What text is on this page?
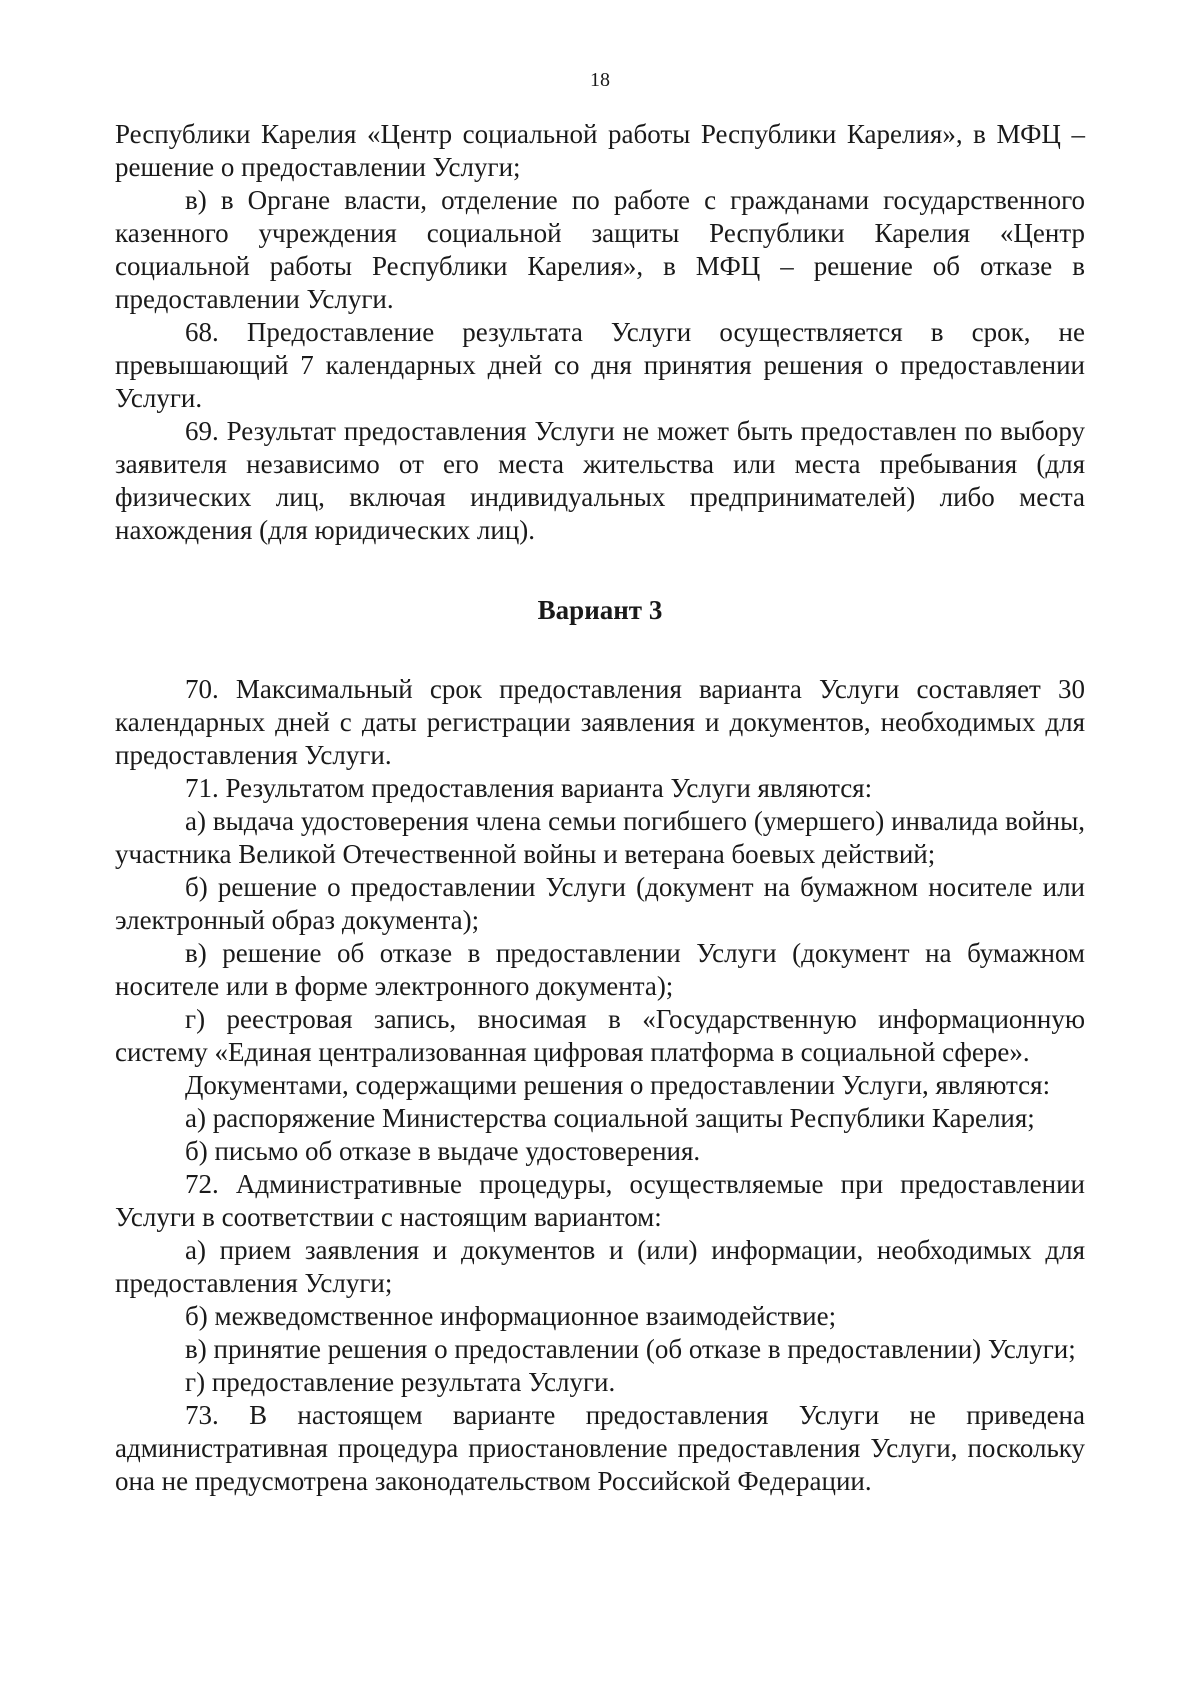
18

Республики Карелия «Центр социальной работы Республики Карелия», в МФЦ – решение о предоставлении Услуги;

в) в Органе власти, отделение по работе с гражданами государственного казенного учреждения социальной защиты Республики Карелия «Центр социальной работы Республики Карелия», в МФЦ – решение об отказе в предоставлении Услуги.

68. Предоставление результата Услуги осуществляется в срок, не превышающий 7 календарных дней со дня принятия решения о предоставлении Услуги.

69. Результат предоставления Услуги не может быть предоставлен по выбору заявителя независимо от его места жительства или места пребывания (для физических лиц, включая индивидуальных предпринимателей) либо места нахождения (для юридических лиц).

Вариант 3

70. Максимальный срок предоставления варианта Услуги составляет 30 календарных дней с даты регистрации заявления и документов, необходимых для предоставления Услуги.

71. Результатом предоставления варианта Услуги являются:

а) выдача удостоверения члена семьи погибшего (умершего) инвалида войны, участника Великой Отечественной войны и ветерана боевых действий;

б) решение о предоставлении Услуги (документ на бумажном носителе или электронный образ документа);

в) решение об отказе в предоставлении Услуги (документ на бумажном носителе или в форме электронного документа);

г) реестровая запись, вносимая в «Государственную информационную систему «Единая централизованная цифровая платформа в социальной сфере».

Документами, содержащими решения о предоставлении Услуги, являются:

а) распоряжение Министерства социальной защиты Республики Карелия;

б) письмо об отказе в выдаче удостоверения.

72. Административные процедуры, осуществляемые при предоставлении Услуги в соответствии с настоящим вариантом:

а) прием заявления и документов и (или) информации, необходимых для предоставления Услуги;

б) межведомственное информационное взаимодействие;

в) принятие решения о предоставлении (об отказе в предоставлении) Услуги;

г) предоставление результата Услуги.

73. В настоящем варианте предоставления Услуги не приведена административная процедура приостановление предоставления Услуги, поскольку она не предусмотрена законодательством Российской Федерации.
